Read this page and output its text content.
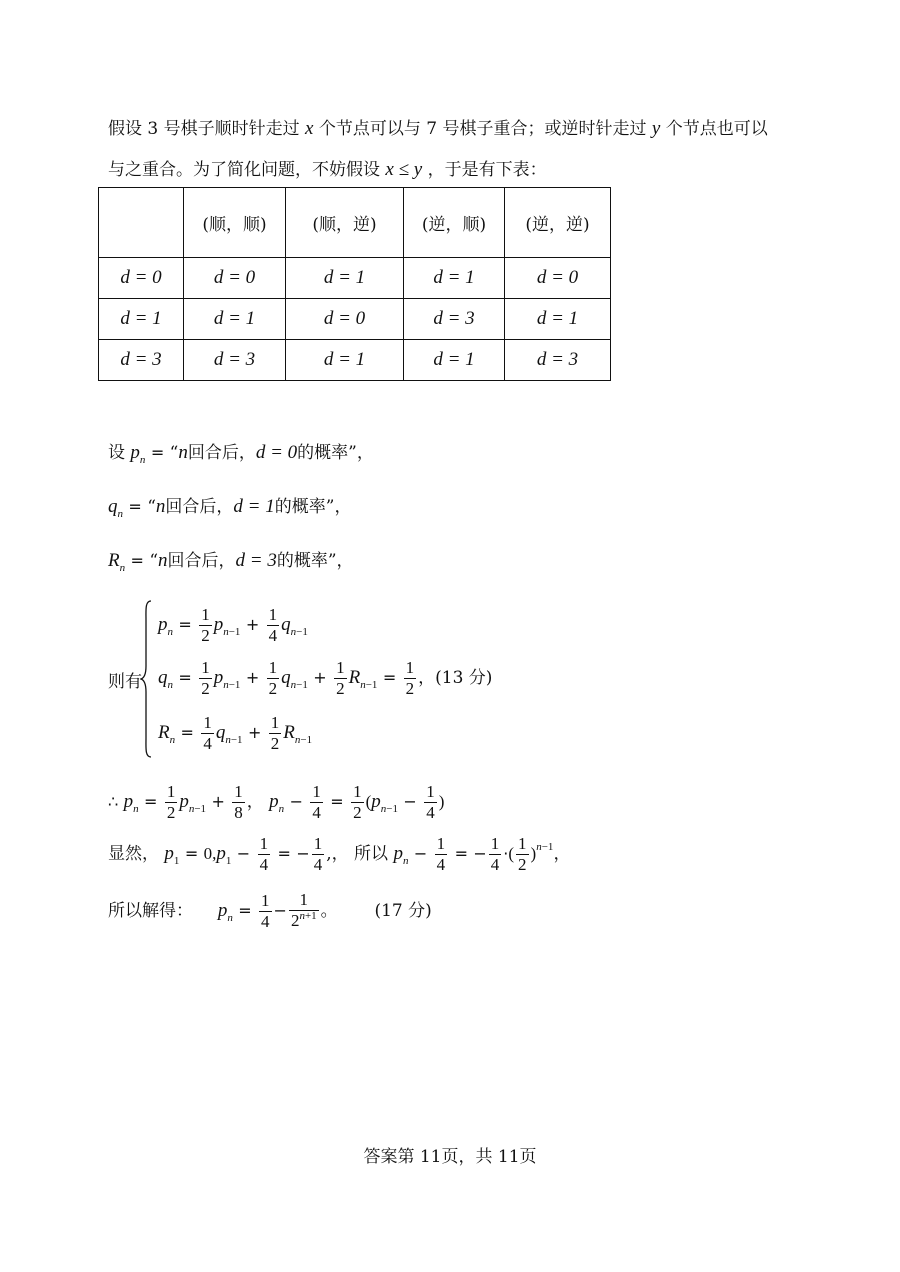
假设 3 号棋子顺时针走过 x 个节点可以与 7 号棋子重合；或逆时针走过 y 个节点也可以
与之重合。为了简化问题，不妨假设 x ≤ y ，于是有下表：
	(顺，顺)	(顺，逆)	(逆，顺)	(逆，逆)
d = 0	d = 0	d = 1	d = 1	d = 0
d = 1	d = 1	d = 0	d = 3	d = 1
d = 3	d = 3	d = 1	d = 1	d = 3
设 $p_n$ = “n回合后，d = 0的概率”，
$q_n$ = “n回合后，d = 1的概率”，
$R_n$ = “n回合后，d = 3的概率”，
则有
$p_n = \frac{1}{2} p_{n-1} + \frac{1}{4} q_{n-1}$
$q_n = \frac{1}{2} p_{n-1} + \frac{1}{2} q_{n-1} + \frac{1}{2} R_{n-1} = \frac{1}{2}$ ，(13 分)
$R_n = \frac{1}{4} q_{n-1} + \frac{1}{2} R_{n-1}$
∴ $p_n = \frac{1}{2} p_{n-1} + \frac{1}{8}$ ， $p_n - \frac{1}{4} = \frac{1}{2} (p_{n-1} - \frac{1}{4}$ )
显然， $p_1 = 0,p_1 - \frac{1}{4}$ = − $\frac{1}{4}$ ,， 所以 $p_n - \frac{1}{4}$ = − $\frac{1}{4}$ ·( $\frac{1}{2} )^{n-1}$，
所以解得： $p_n = \frac{1}{4} - \frac{1}{2^{n+1}}$ 。 (17 分)
答案第 11页，共 11页
